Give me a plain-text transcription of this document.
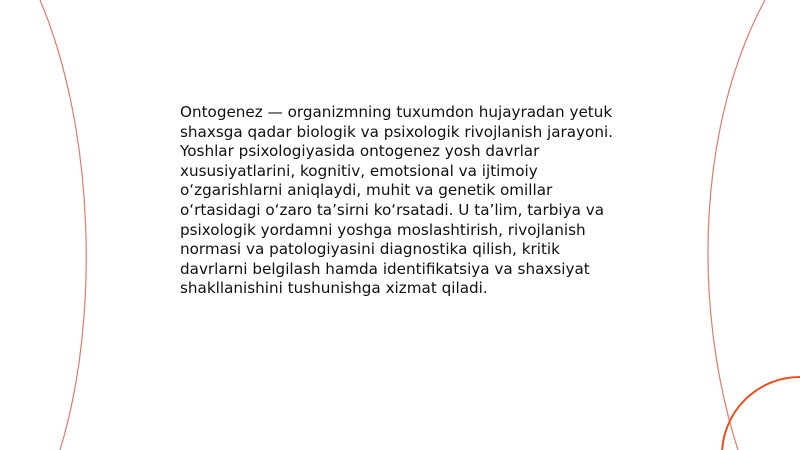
Ontogenez — organizmning tuxumdon hujayradan yetuk shaxsga qadar biologik va psixologik rivojlanish jarayoni. Yoshlar psixologiyasida ontogenez yosh davrlar xususiyatlarini, kognitiv, emotsional va ijtimoiy oʻzgarishlarni aniqlaydi, muhit va genetik omillar oʻrtasidagi oʻzaro taʼsirni koʻrsatadi. U taʼlim, tarbiya va psixologik yordamni yoshga moslashtirish, rivojlanish normasi va patologiyasini diagnostika qilish, kritik davrlarni belgilash hamda identifikatsiya va shaxsiyat shakllanishini tushunishga xizmat qiladi.
